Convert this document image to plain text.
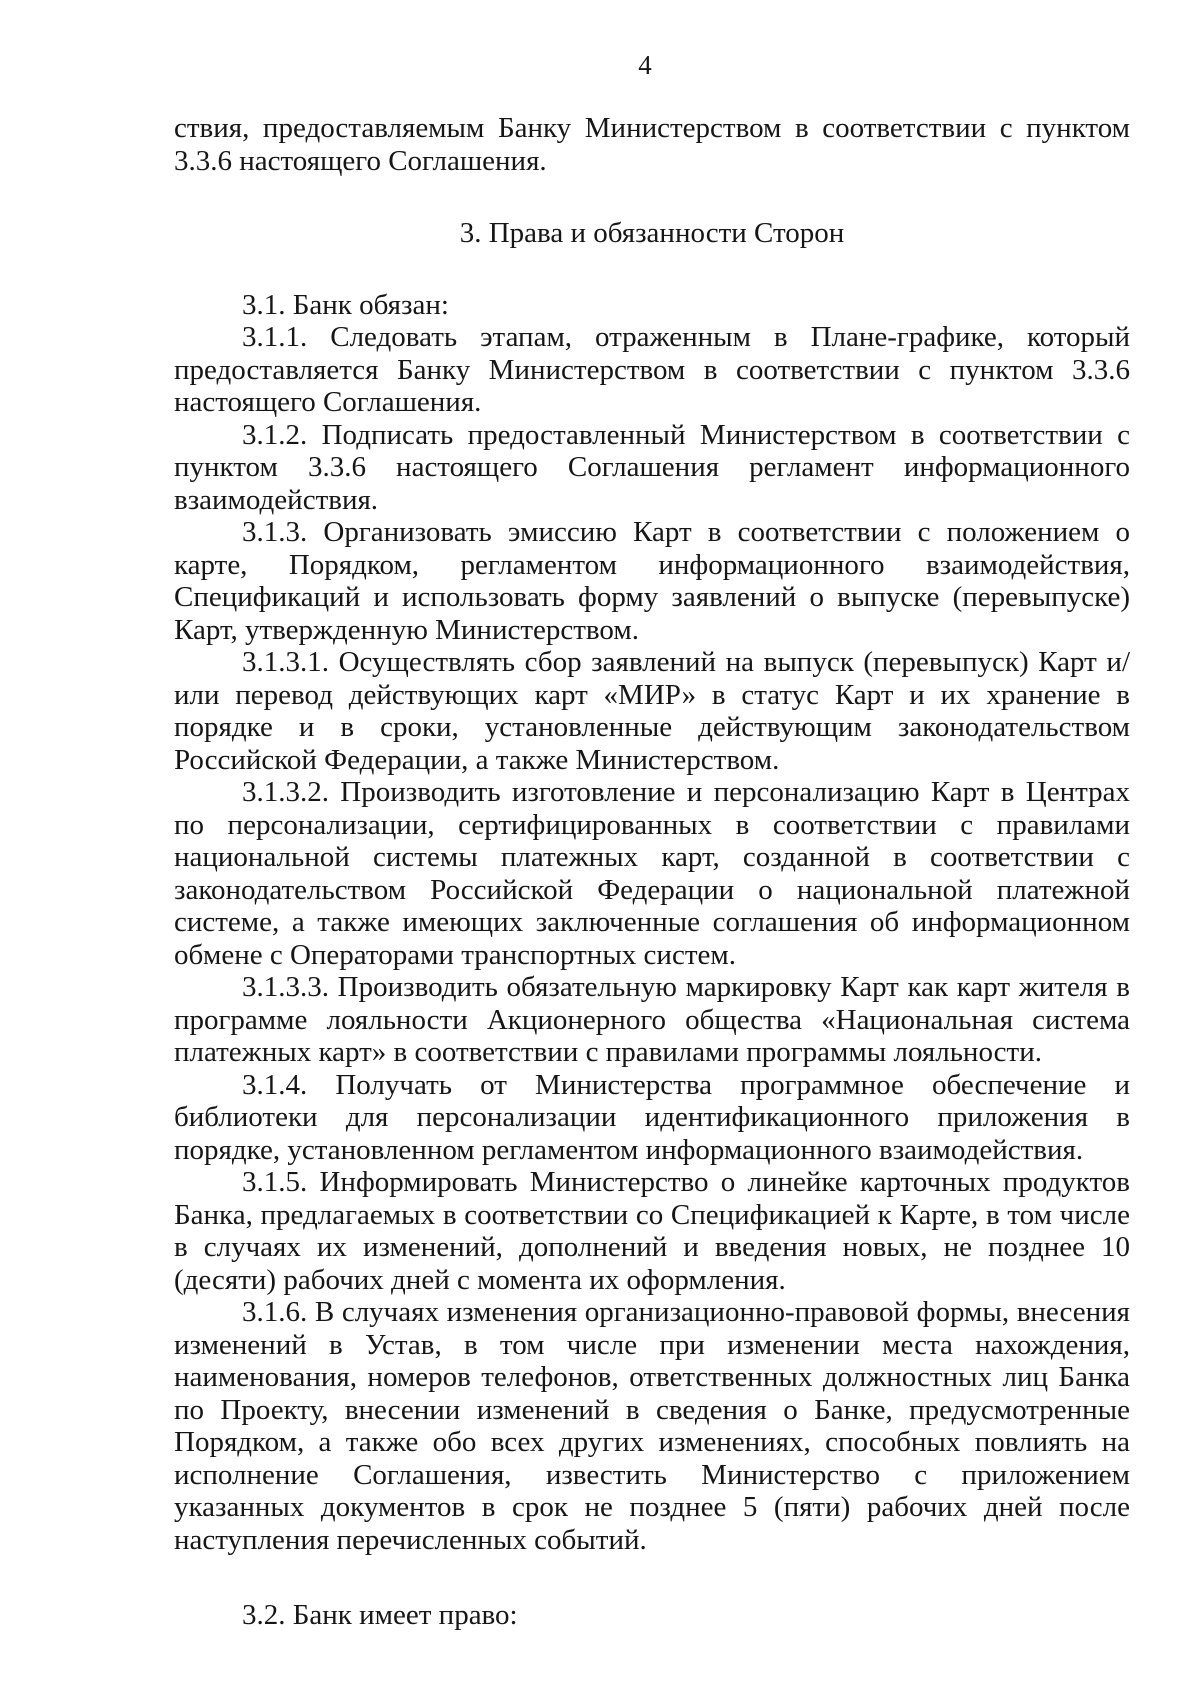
4

ствия, предоставляемым Банку Министерством в соответствии с пунктом 3.3.6 настоящего Соглашения.

3. Права и обязанности Сторон

3.1. Банк обязан:

3.1.1. Следовать этапам, отраженным в Плане-графике, который предоставляется Банку Министерством в соответствии с пунктом 3.3.6 настоящего Соглашения.

3.1.2. Подписать предоставленный Министерством в соответствии с пунктом 3.3.6 настоящего Соглашения регламент информационного взаимодействия.

3.1.3. Организовать эмиссию Карт в соответствии с положением о карте, Порядком, регламентом информационного взаимодействия, Спецификаций и использовать форму заявлений о выпуске (перевыпуске) Карт, утвержденную Министерством.

3.1.3.1. Осуществлять сбор заявлений на выпуск (перевыпуск) Карт и/или перевод действующих карт «МИР» в статус Карт и их хранение в порядке и в сроки, установленные действующим законодательством Российской Федерации, а также Министерством.

3.1.3.2. Производить изготовление и персонализацию Карт в Центрах по персонализации, сертифицированных в соответствии с правилами национальной системы платежных карт, созданной в соответствии с законодательством Российской Федерации о национальной платежной системе, а также имеющих заключенные соглашения об информационном обмене с Операторами транспортных систем.

3.1.3.3. Производить обязательную маркировку Карт как карт жителя в программе лояльности Акционерного общества «Национальная система платежных карт» в соответствии с правилами программы лояльности.

3.1.4. Получать от Министерства программное обеспечение и библиотеки для персонализации идентификационного приложения в порядке, установленном регламентом информационного взаимодействия.

3.1.5. Информировать Министерство о линейке карточных продуктов Банка, предлагаемых в соответствии со Спецификацией к Карте, в том числе в случаях их изменений, дополнений и введения новых, не позднее 10 (десяти) рабочих дней с момента их оформления.

3.1.6. В случаях изменения организационно-правовой формы, внесения изменений в Устав, в том числе при изменении места нахождения, наименования, номеров телефонов, ответственных должностных лиц Банка по Проекту, внесении изменений в сведения о Банке, предусмотренные Порядком, а также обо всех других изменениях, способных повлиять на исполнение Соглашения, известить Министерство с приложением указанных документов в срок не позднее 5 (пяти) рабочих дней после наступления перечисленных событий.

3.2. Банк имеет право:
